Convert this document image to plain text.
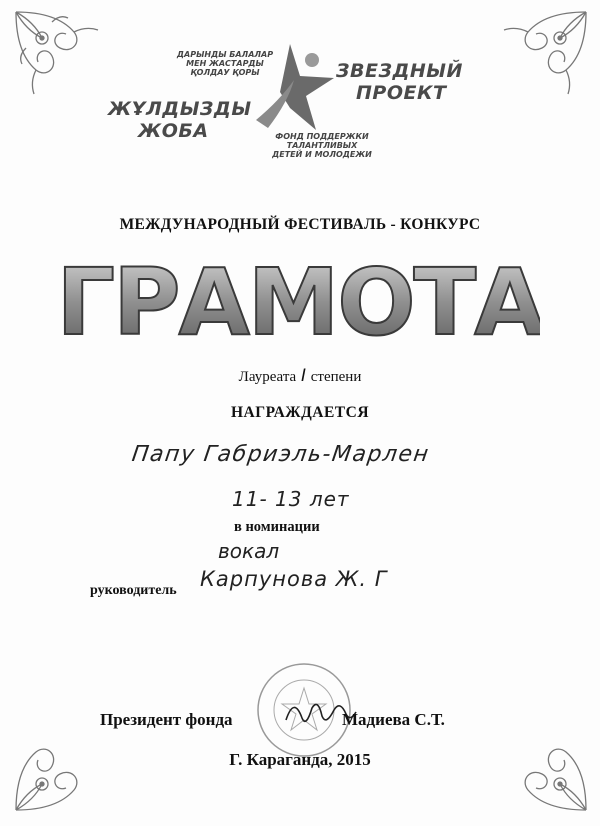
ДАРЫНДЫ БАЛАЛАР МЕН ЖАСТАРДЫ ҚОЛДАУ ҚОРЫ
ЖҰЛДЫЗДЫ
ЖОБА
ЗВЕЗДНЫЙ
ПРОЕКТ
ФОНД ПОДДЕРЖКИ ТАЛАНТЛИВЫХ ДЕТЕЙ И МОЛОДЕЖИ
МЕЖДУНАРОДНЫЙ ФЕСТИВАЛЬ - КОНКУРС
ГРАМОТА
Лауреата I степени
НАГРАЖДАЕТСЯ
Папу Габриэль-Марлен
11- 13 лет
в номинации
вокал
руководитель Карпунова Ж. Г
Президент фонда	Мадиева С.Т.
Г. Караганда, 2015
